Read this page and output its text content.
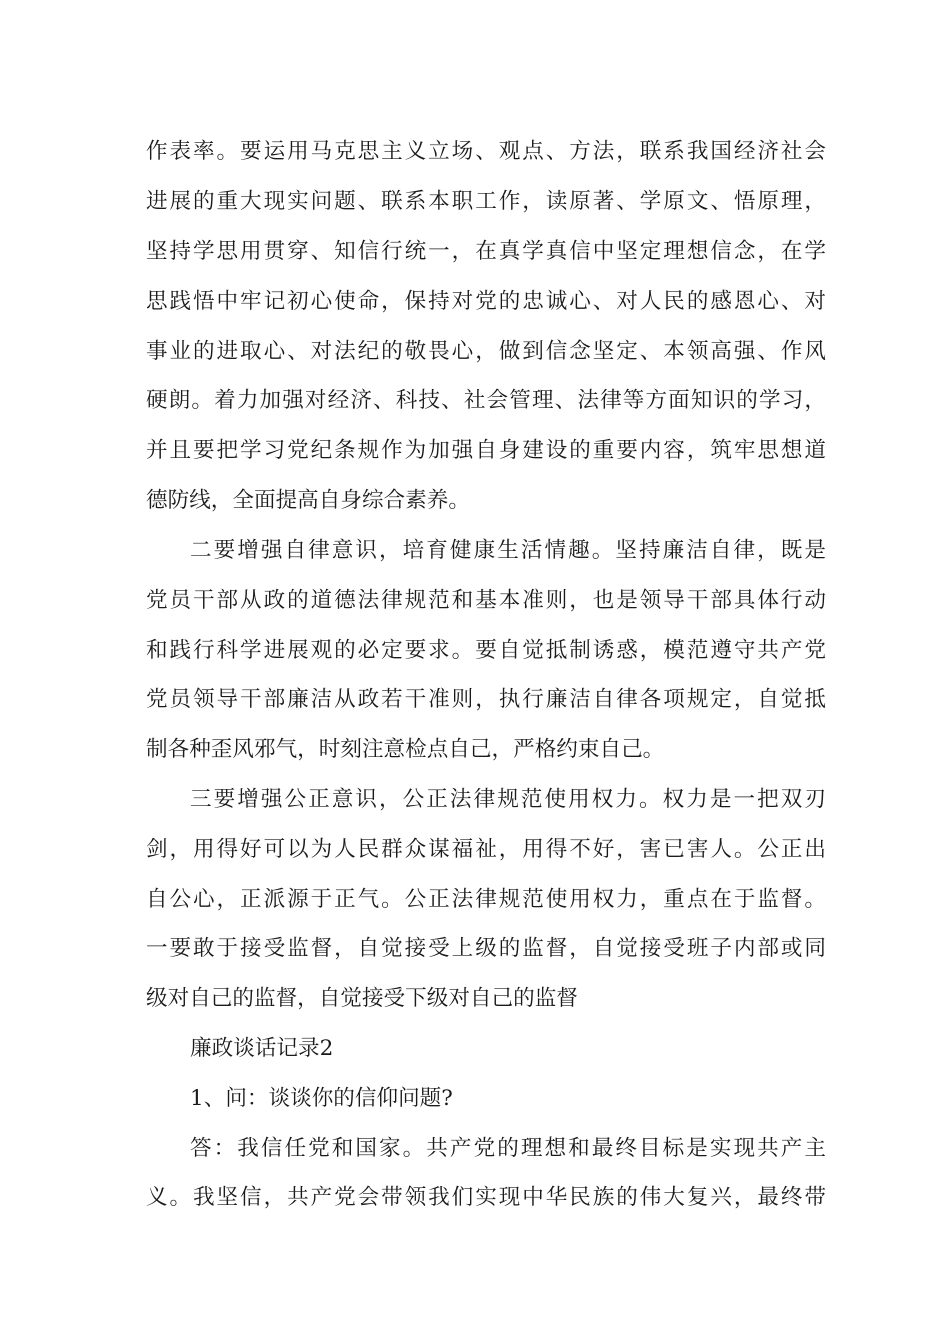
作表率。要运用马克思主义立场、观点、方法，联系我国经济社会
进展的重大现实问题、联系本职工作，读原著、学原文、悟原理，
坚持学思用贯穿、知信行统一，在真学真信中坚定理想信念，在学
思践悟中牢记初心使命，保持对党的忠诚心、对人民的感恩心、对
事业的进取心、对法纪的敬畏心，做到信念坚定、本领高强、作风
硬朗。着力加强对经济、科技、社会管理、法律等方面知识的学习，
并且要把学习党纪条规作为加强自身建设的重要内容，筑牢思想道
德防线，全面提高自身综合素养。
二要增强自律意识，培育健康生活情趣。坚持廉洁自律，既是
党员干部从政的道德法律规范和基本准则，也是领导干部具体行动
和践行科学进展观的必定要求。要自觉抵制诱惑，模范遵守共产党
党员领导干部廉洁从政若干准则，执行廉洁自律各项规定，自觉抵
制各种歪风邪气，时刻注意检点自己，严格约束自己。
三要增强公正意识，公正法律规范使用权力。权力是一把双刃
剑，用得好可以为人民群众谋福祉，用得不好，害已害人。公正出
自公心，正派源于正气。公正法律规范使用权力，重点在于监督。
一要敢于接受监督，自觉接受上级的监督，自觉接受班子内部或同
级对自己的监督，自觉接受下级对自己的监督
廉政谈话记录2
1、问：谈谈你的信仰问题?
答：我信任党和国家。共产党的理想和最终目标是实现共产主
义。我坚信，共产党会带领我们实现中华民族的伟大复兴，最终带
